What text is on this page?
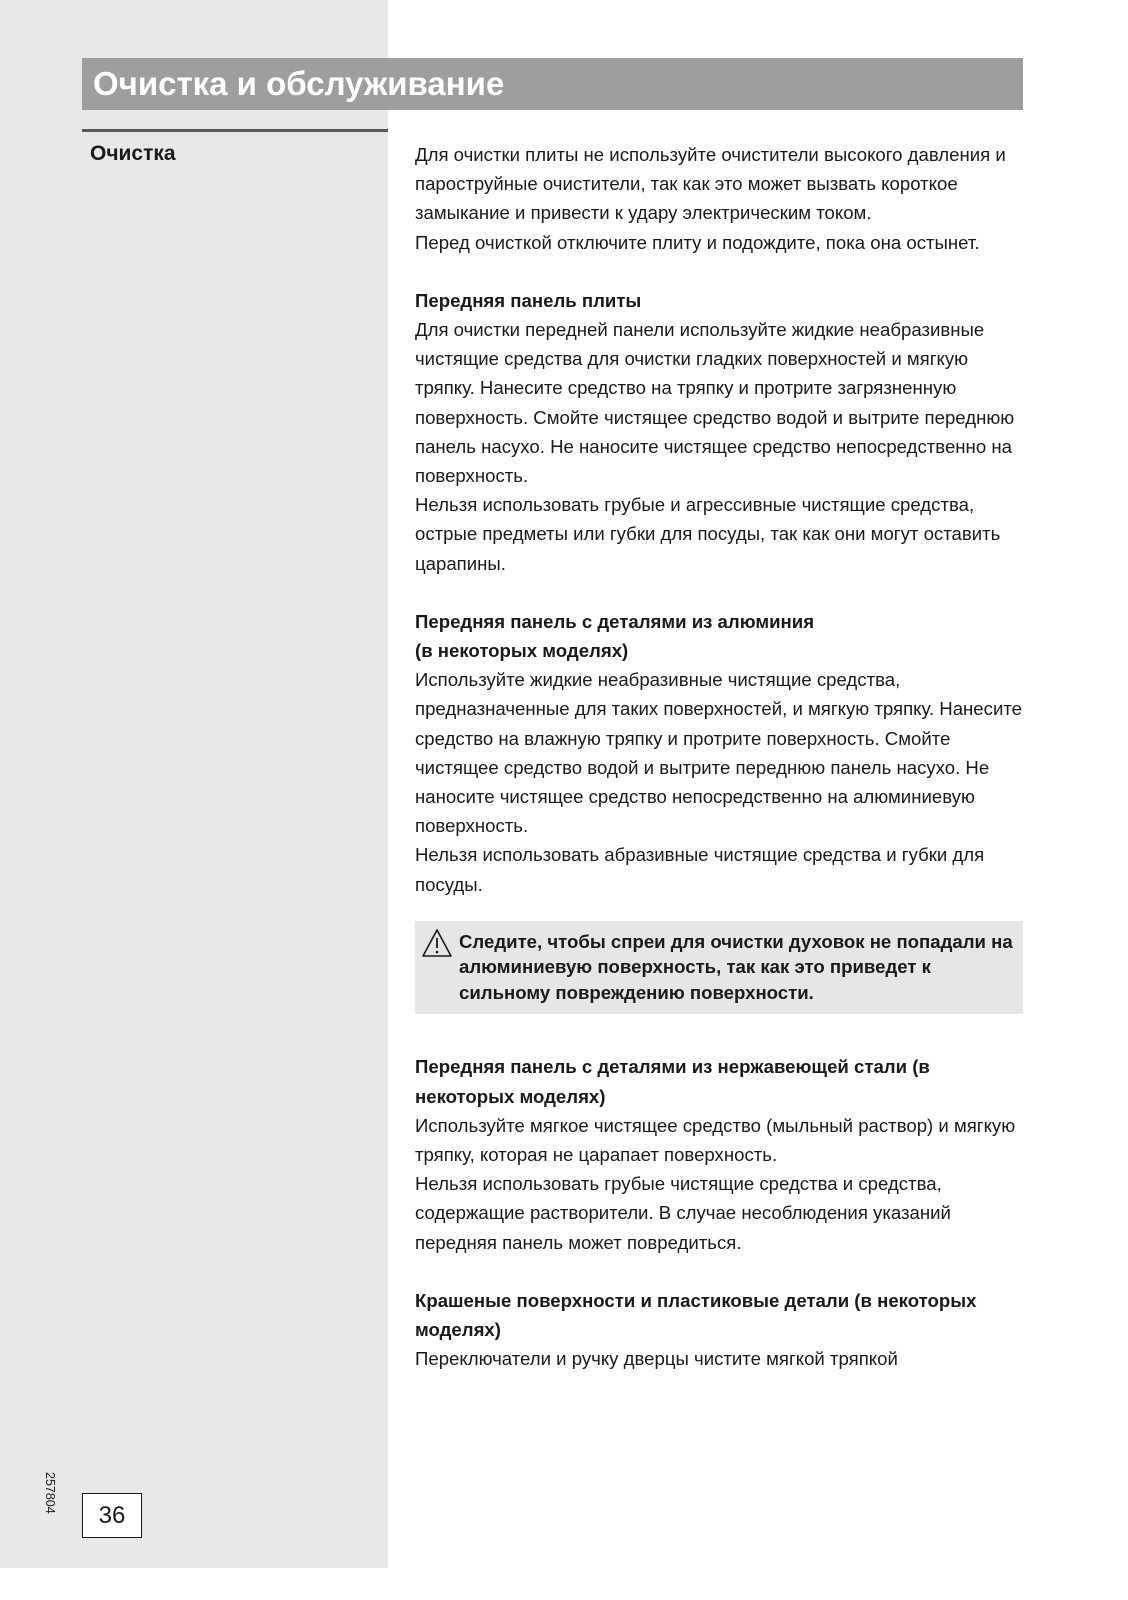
Очистка и обслуживание
Очистка	Для очистки плиты не используйте очистители высокого давления и пароструйные очистители, так как это может вызвать короткое замыкание и привести к удару электрическим током.

Перед очисткой отключите плиту и подождите, пока она остынет.

Передняя панель плиты

Для очистки передней панели используйте жидкие неабразивные чистящие средства для очистки гладких поверхностей и мягкую тряпку. Нанесите средство на тряпку и протрите загрязненную поверхность. Смойте чистящее средство водой и вытрите переднюю панель насухо. Не наносите чистящее средство непосредственно на поверхность.

Нельзя использовать грубые и агрессивные чистящие средства, острые предметы или губки для посуды, так как они могут оставить царапины.

Передняя панель с деталями из алюминия
(в некоторых моделях)

Используйте жидкие неабразивные чистящие средства, предназначенные для таких поверхностей, и мягкую тряпку. Нанесите средство на влажную тряпку и протрите поверхность. Смойте чистящее средство водой и вытрите переднюю панель насухо. Не наносите чистящее средство непосредственно на алюминиевую поверхность.

Нельзя использовать абразивные чистящие средства и губки для посуды.

Следите, чтобы спреи для очистки духовок не попадали на алюминиевую поверхность, так как это приведет к сильному повреждению поверхности.

Передняя панель с деталями из нержавеющей стали (в некоторых моделях)

Используйте мягкое чистящее средство (мыльный раствор) и мягкую тряпку, которая не царапает поверхность.

Нельзя использовать грубые чистящие средства и средства, содержащие растворители. В случае несоблюдения указаний передняя панель может повредиться.

Крашеные поверхности и пластиковые детали (в некоторых моделях)

Переключатели и ручку дверцы чистите мягкой тряпкой

257804
36
